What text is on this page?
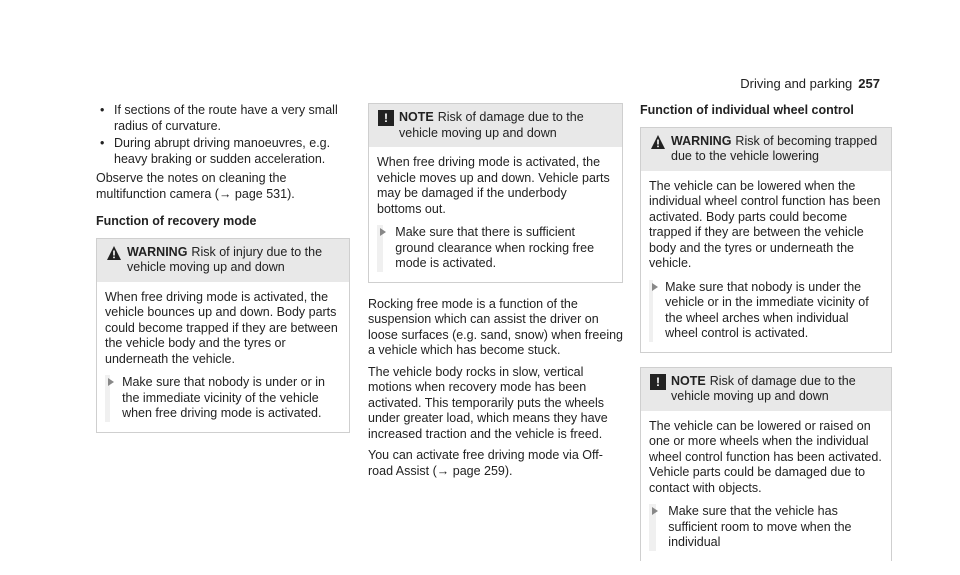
Driving and parking 257
• If sections of the route have a very small radius of curvature.
• During abrupt driving manoeuvres, e.g. heavy braking or sudden acceleration.

Observe the notes on cleaning the multifunction camera (→ page 531).

Function of recovery mode
WARNING Risk of injury due to the vehicle moving up and down
When free driving mode is activated, the vehicle bounces up and down. Body parts could become trapped if they are between the vehicle body and the tyres or underneath the vehicle.
Make sure that nobody is under or in the immediate vicinity of the vehicle when free driving mode is activated.
! NOTE Risk of damage due to the vehicle moving up and down
When free driving mode is activated, the vehicle moves up and down. Vehicle parts may be damaged if the underbody bottoms out.
Make sure that there is sufficient ground clearance when rocking free mode is activated.

Rocking free mode is a function of the suspension which can assist the driver on loose surfaces (e.g. sand, snow) when freeing a vehicle which has become stuck.

The vehicle body rocks in slow, vertical motions when recovery mode has been activated. This temporarily puts the wheels under greater load, which means they have increased traction and the vehicle is freed.

You can activate free driving mode via Off-road Assist (→ page 259).

Function of individual wheel control
WARNING Risk of becoming trapped due to the vehicle lowering
The vehicle can be lowered when the individual wheel control function has been activated. Body parts could become trapped if they are between the vehicle body and the tyres or underneath the vehicle.
Make sure that nobody is under the vehicle or in the immediate vicinity of the wheel arches when individual wheel control is activated.
! NOTE Risk of damage due to the vehicle moving up and down
The vehicle can be lowered or raised on one or more wheels when the individual wheel control function has been activated. Vehicle parts could be damaged due to contact with objects.
Make sure that the vehicle has sufficient room to move when the individual
